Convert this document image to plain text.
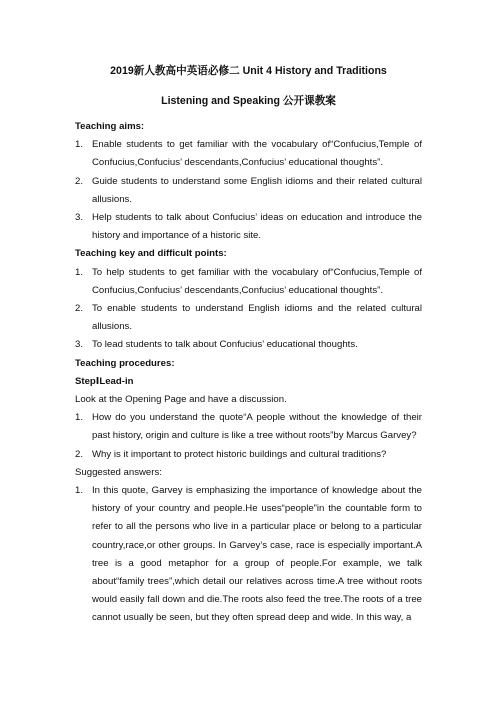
2019新人教高中英语必修二 Unit 4 History and Traditions

Listening and Speaking 公开课教案

Teaching aims:

1. Enable students to get familiar with the vocabulary of“Confucius,Temple of Confucius,Confucius’ descendants,Confucius’ educational thoughts”.
2. Guide students to understand some English idioms and their related cultural allusions.
3. Help students to talk about Confucius’ ideas on education and introduce the history and importance of a historic site.

Teaching key and difficult points:

1. To help students to get familiar with the vocabulary of“Confucius,Temple of Confucius,Confucius’ descendants,Confucius’ educational thoughts”.
2. To enable students to understand English idioms and the related cultural allusions.
3. To lead students to talk about Confucius’ educational thoughts.

Teaching procedures:

StepⅠLead-in

Look at the Opening Page and have a discussion.

1. How do you understand the quote“A people without the knowledge of their past history, origin and culture is like a tree without roots”by Marcus Garvey?
2. Why is it important to protect historic buildings and cultural traditions?

Suggested answers:

1. In this quote, Garvey is emphasizing the importance of knowledge about the history of your country and people.He uses“people”in the countable form to refer to all the persons who live in a particular place or belong to a particular country,race,or other groups. In Garvey’s case, race is especially important.A tree is a good metaphor for a group of people.For example, we talk about“family trees”,which detail our relatives across time.A tree without roots would easily fall down and die.The roots also feed the tree.The roots of a tree cannot usually be seen, but they often spread deep and wide. In this way, a
